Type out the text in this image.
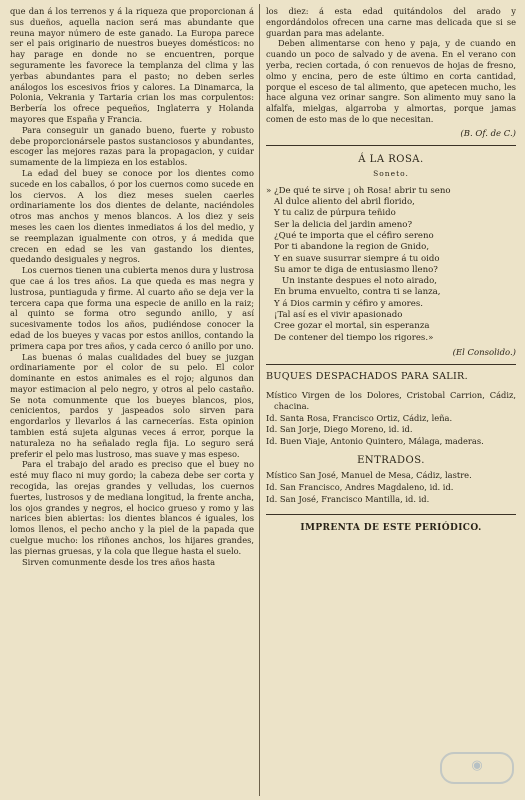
que dan á los terrenos y á la riqueza que proporcionan á sus dueños, aquella nacion será mas abundante que reuna mayor número de este ganado. La Europa parece ser el pais originario de nuestros bueyes domésticos: no hay parage en donde no se encuentren, porque seguramente les favorece la templanza del clima y las yerbas abundantes para el pasto; no deben serles análogos los escesivos frios y calores. La Dinamarca, la Polonia, Vekrania y Tartaria crian los mas corpulentos: Berbería los ofrece pequeños, Inglaterra y Holanda mayores que España y Francia.

Para conseguir un ganado bueno, fuerte y robusto debe proporcionársele pastos sustanciosos y abundantes, escoger las mejores razas para la propagacion, y cuidar sumamente de la limpieza en los establos.

La edad del buey se conoce por los dientes como sucede en los caballos, ó por los cuernos como sucede en los ciervos. A los diez meses suelen caerles ordinariamente los dos dientes de delante, naciéndoles otros mas anchos y menos blancos. A los diez y seis meses les caen los dientes inmediatos á los del medio, y se reemplazan igualmente con otros, y á medida que crecen en edad se les van gastando los dientes, quedando desiguales y negros.

Los cuernos tienen una cubierta menos dura y lustrosa que cae á los tres años. La que queda es mas negra y lustrosa, puntiaguda y firme. Al cuarto año se deja ver la tercera capa que forma una especie de anillo en la raiz; al quinto se forma otro segundo anillo, y así sucesivamente todos los años, pudiéndose conocer la edad de los bueyes y vacas por estos anillos, contando la primera capa por tres años, y cada cerco ó anillo por uno.

Las buenas ó malas cualidades del buey se juzgan ordinariamente por el color de su pelo. El color dominante en estos animales es el rojo; algunos dan mayor estimacion al pelo negro, y otros al pelo castaño. Se nota comunmente que los bueyes blancos, pios, cenicientos, pardos y jaspeados solo sirven para engordarlos y llevarlos á las carnecerías. Esta opinion tambien está sujeta algunas veces á error, porque la naturaleza no ha señalado regla fija. Lo seguro será preferir el pelo mas lustroso, mas suave y mas espeso.

Para el trabajo del arado es preciso que el buey no esté muy flaco ni muy gordo; la cabeza debe ser corta y recogida, las orejas grandes y velludas, los cuernos fuertes, lustrosos y de mediana longitud, la frente ancha, los ojos grandes y negros, el hocico grueso y romo y las narices bien abiertas: los dientes blancos é iguales, los lomos llenos, el pecho ancho y la piel de la papada que cuelgue mucho: los riñones anchos, los hijares grandes, las piernas gruesas, y la cola que llegue hasta el suelo.

Sirven comunmente desde los tres años hasta

los diez: á esta edad quitándolos del arado y engordándolos ofrecen una carne mas delicada que si se guardan para mas adelante.

Deben alimentarse con heno y paja, y de cuando en cuando un poco de salvado y de avena. En el verano con yerba, recien cortada, ó con renuevos de hojas de fresno, olmo y encina, pero de este último en corta cantidad, porque el esceso de tal alimento, que apetecen mucho, les hace alguna vez orinar sangre. Son alimento muy sano la alfalfa, mielgas, algarroba y almortas, porque jamas comen de esto mas de lo que necesitan.

(B. Of. de C.)
Á LA ROSA.
Soneto.

» ¿De qué te sirve ¡ oh Rosa! abrir tu seno

Al dulce aliento del abril florido,

Y tu caliz de púrpura teñido

Ser la delicia del jardin ameno?

¿Qué te importa que el céfiro sereno

Por ti abandone la region de Gnido,

Y en suave susurrar siempre á tu oido

Su amor te diga de entusiasmo lleno?

Un instante despues el noto airado,

En bruma envuelto, contra ti se lanza,

Y á Dios carmin y céfiro y amores.

¡Tal así es el vivir apasionado

Cree gozar el mortal, sin esperanza

De contener del tiempo los rigores.»

(El Consolido.)
BUQUES DESPACHADOS PARA SALIR.

Místico Virgen de los Dolores, Cristobal Carrion, Cádiz, chacina.

Id. Santa Rosa, Francisco Ortiz, Cádiz, leña.

Id. San Jorje, Diego Moreno, id. id.

Id. Buen Viaje, Antonio Quintero, Málaga, maderas.

ENTRADOS.

Místico San José, Manuel de Mesa, Cádiz, lastre.

Id. San Francisco, Andres Magdaleno, id. id.

Id. San José, Francisco Mantilla, id. id.

IMPRENTA DE ESTE PERIÓDICO.
◉
